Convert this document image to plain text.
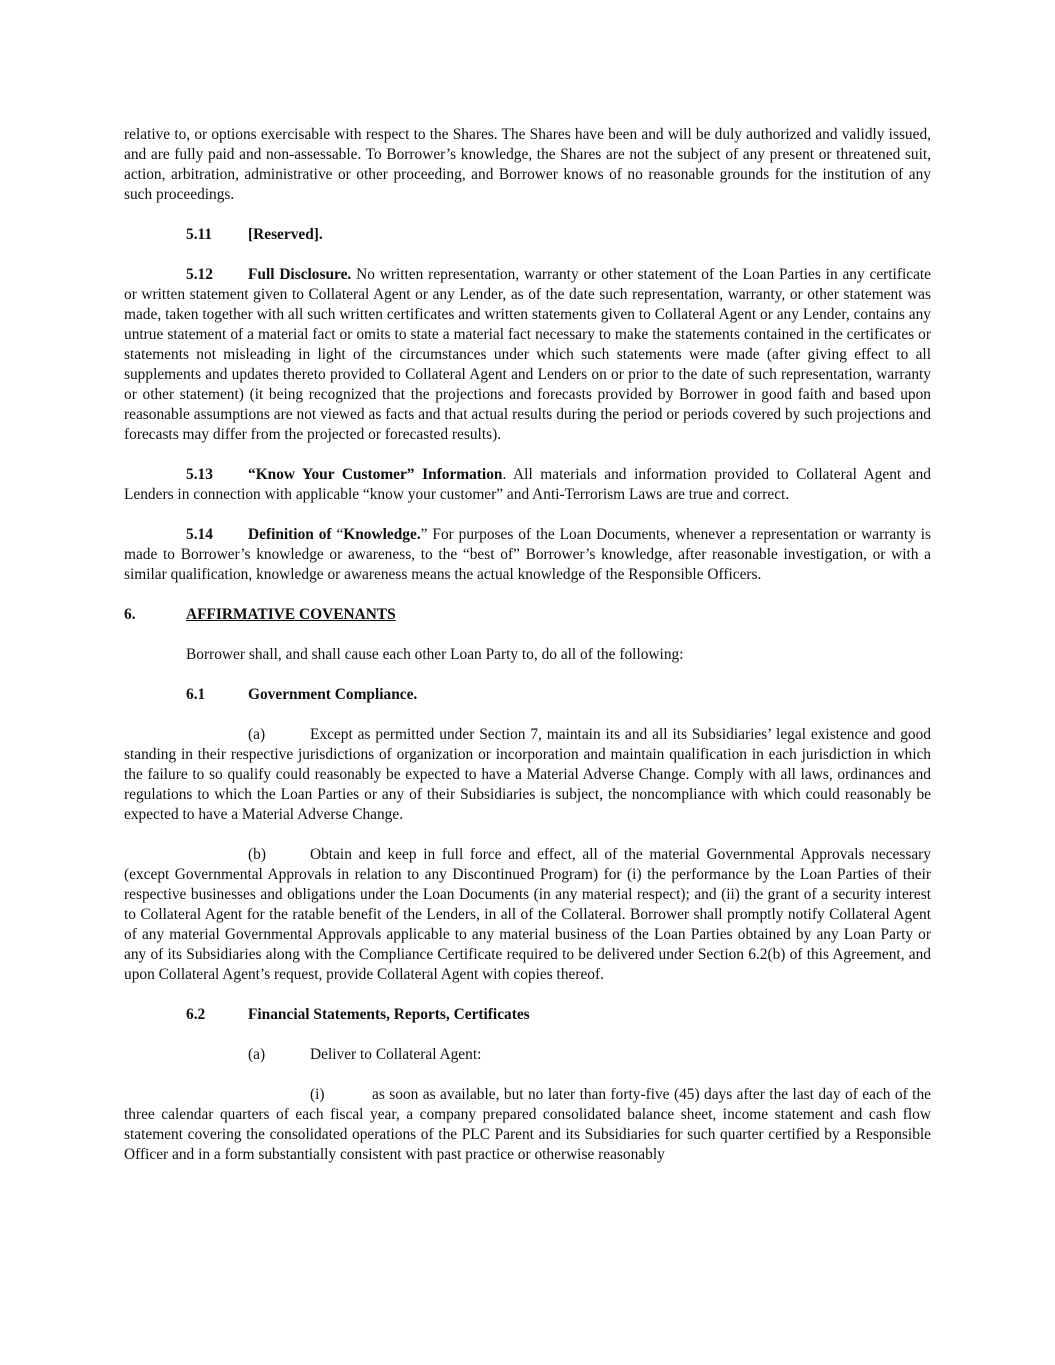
relative to, or options exercisable with respect to the Shares. The Shares have been and will be duly authorized and validly issued, and are fully paid and non-assessable. To Borrower’s knowledge, the Shares are not the subject of any present or threatened suit, action, arbitration, administrative or other proceeding, and Borrower knows of no reasonable grounds for the institution of any such proceedings.

5.11 [Reserved].

5.12 Full Disclosure. No written representation, warranty or other statement of the Loan Parties in any certificate or written statement given to Collateral Agent or any Lender, as of the date such representation, warranty, or other statement was made, taken together with all such written certificates and written statements given to Collateral Agent or any Lender, contains any untrue statement of a material fact or omits to state a material fact necessary to make the statements contained in the certificates or statements not misleading in light of the circumstances under which such statements were made (after giving effect to all supplements and updates thereto provided to Collateral Agent and Lenders on or prior to the date of such representation, warranty or other statement) (it being recognized that the projections and forecasts provided by Borrower in good faith and based upon reasonable assumptions are not viewed as facts and that actual results during the period or periods covered by such projections and forecasts may differ from the projected or forecasted results).

5.13 “Know Your Customer” Information. All materials and information provided to Collateral Agent and Lenders in connection with applicable “know your customer” and Anti-Terrorism Laws are true and correct.

5.14 Definition of “Knowledge.” For purposes of the Loan Documents, whenever a representation or warranty is made to Borrower’s knowledge or awareness, to the “best of” Borrower’s knowledge, after reasonable investigation, or with a similar qualification, knowledge or awareness means the actual knowledge of the Responsible Officers.

6.	AFFIRMATIVE COVENANTS

Borrower shall, and shall cause each other Loan Party to, do all of the following:

6.1	Government Compliance.

(a)	Except as permitted under Section 7, maintain its and all its Subsidiaries’ legal existence and good standing in their respective jurisdictions of organization or incorporation and maintain qualification in each jurisdiction in which the failure to so qualify could reasonably be expected to have a Material Adverse Change. Comply with all laws, ordinances and regulations to which the Loan Parties or any of their Subsidiaries is subject, the noncompliance with which could reasonably be expected to have a Material Adverse Change.

(b)	Obtain and keep in full force and effect, all of the material Governmental Approvals necessary (except Governmental Approvals in relation to any Discontinued Program) for (i) the performance by the Loan Parties of their respective businesses and obligations under the Loan Documents (in any material respect); and (ii) the grant of a security interest to Collateral Agent for the ratable benefit of the Lenders, in all of the Collateral. Borrower shall promptly notify Collateral Agent of any material Governmental Approvals applicable to any material business of the Loan Parties obtained by any Loan Party or any of its Subsidiaries along with the Compliance Certificate required to be delivered under Section 6.2(b) of this Agreement, and upon Collateral Agent’s request, provide Collateral Agent with copies thereof.

6.2	Financial Statements, Reports, Certificates

(a)	Deliver to Collateral Agent:

(i)	as soon as available, but no later than forty-five (45) days after the last day of each of the three calendar quarters of each fiscal year, a company prepared consolidated balance sheet, income statement and cash flow statement covering the consolidated operations of the PLC Parent and its Subsidiaries for such quarter certified by a Responsible Officer and in a form substantially consistent with past practice or otherwise reasonably
